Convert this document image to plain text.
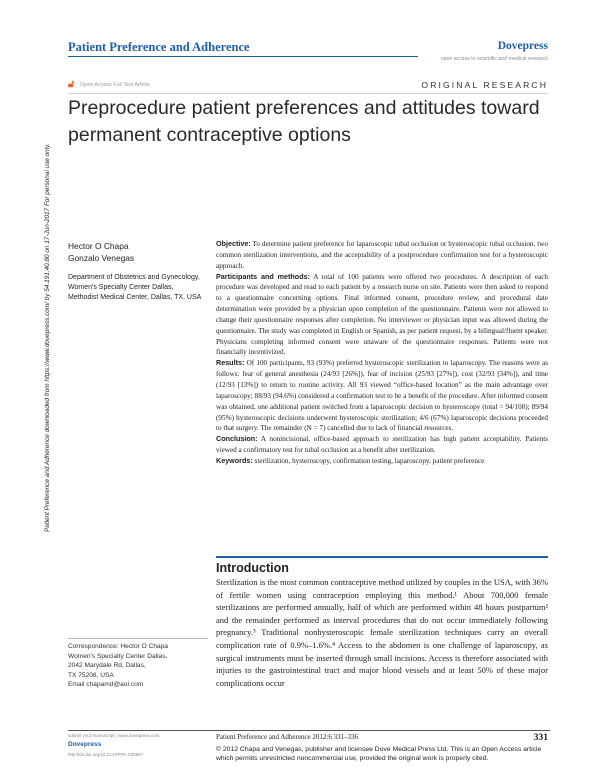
Patient Preference and Adherence	Dovepress
open access to scientific and medical research
🔓︎ Open Access Full Text Article	ORIGINAL RESEARCH
Preprocedure patient preferences and attitudes toward permanent contraceptive options
Patient Preference and Adherence downloaded from https://www.dovepress.com/ by 54.191.40.80 on 17-Jun-2017 For personal use only. Hector O Chapa
Gonzalo Venegas
Department of Obstetrics and Gynecology, Women's Specialty Center Dallas, Methodist Medical Center, Dallas, TX, USA

Objective: To determine patient preference for laparoscopic tubal occlusion or hysteroscopic tubal occlusion, two common sterilization interventions, and the acceptability of a postprocedure confirmation test for a hysteroscopic approach.

Participants and methods: A total of 100 patients were offered two procedures. A description of each procedure was developed and read to each patient by a research nurse on site. Patients were then asked to respond to a questionnaire concerning options. Final informed consent, procedure review, and procedural date determination were provided by a physician upon completion of the questionnaire. Patients were not allowed to change their questionnaire responses after completion. No interviewer or physician input was allowed during the questionnaire. The study was completed in English or Spanish, as per patient request, by a bilingual/fluent speaker. Physicians completing informed consent were unaware of the questionnaire responses. Patients were not financially incentivized.

Results: Of 100 participants, 93 (93%) preferred hysteroscopic sterilization to laparoscopy. The reasons were as follows: fear of general anesthesia (24/93 [26%]), fear of incision (25/93 [27%]), cost (32/93 [34%]), and time (12/93 [13%]) to return to routine activity. All 93 viewed “office-based location” as the main advantage over laparoscopy; 88/93 (94.6%) considered a confirmation test to be a benefit of the procedure. After informed consent was obtained, one additional patient switched from a laparoscopic decision to hysteroscopy (total = 94/100); 89/94 (95%) hysteroscopic decisions underwent hysteroscopic sterilization; 4/6 (67%) laparoscopic decisions proceeded to that surgery. The remainder (N = 7) cancelled due to lack of financial resources.

Conclusion: A nonincisional, office-based approach to sterilization has high patient acceptability. Patients viewed a confirmatory test for tubal occlusion as a benefit after sterilization.

Keywords: sterilization, hysteroscopy, confirmation testing, laparoscopy, patient preference

Introduction

Sterilization is the most common contraceptive method utilized by couples in the USA, with 36% of fertile women using contraception employing this method.¹ About 700,000 female sterilizations are performed annually, half of which are performed within 48 hours postpartum² and the remainder performed as interval procedures that do not occur immediately following pregnancy.³ Traditional nonhysteroscopic female sterilization techniques carry an overall complication rate of 0.9%–1.6%.⁴ Access to the abdomen is one challenge of laparoscopy, as surgical instruments must be inserted through small incisions. Access is therefore associated with injuries to the gastrointestinal tract and major blood vessels and at least 50% of these major complications occur

Correspondence: Hector O Chapa
Women's Specialty Center Dallas,
2042 Marydale Rd, Dallas,
TX 75208, USA
Email chapamd@aol.com
submit your manuscript | www.dovepress.com
Dovepress
http://dx.doi.org/10.2147/PPA.S30687
Patient Preference and Adherence 2012:6 331–336	331
© 2012 Chapa and Venegas, publisher and licensee Dove Medical Press Ltd. This is an Open Access article which permits unrestricted noncommercial use, provided the original work is properly cited.
